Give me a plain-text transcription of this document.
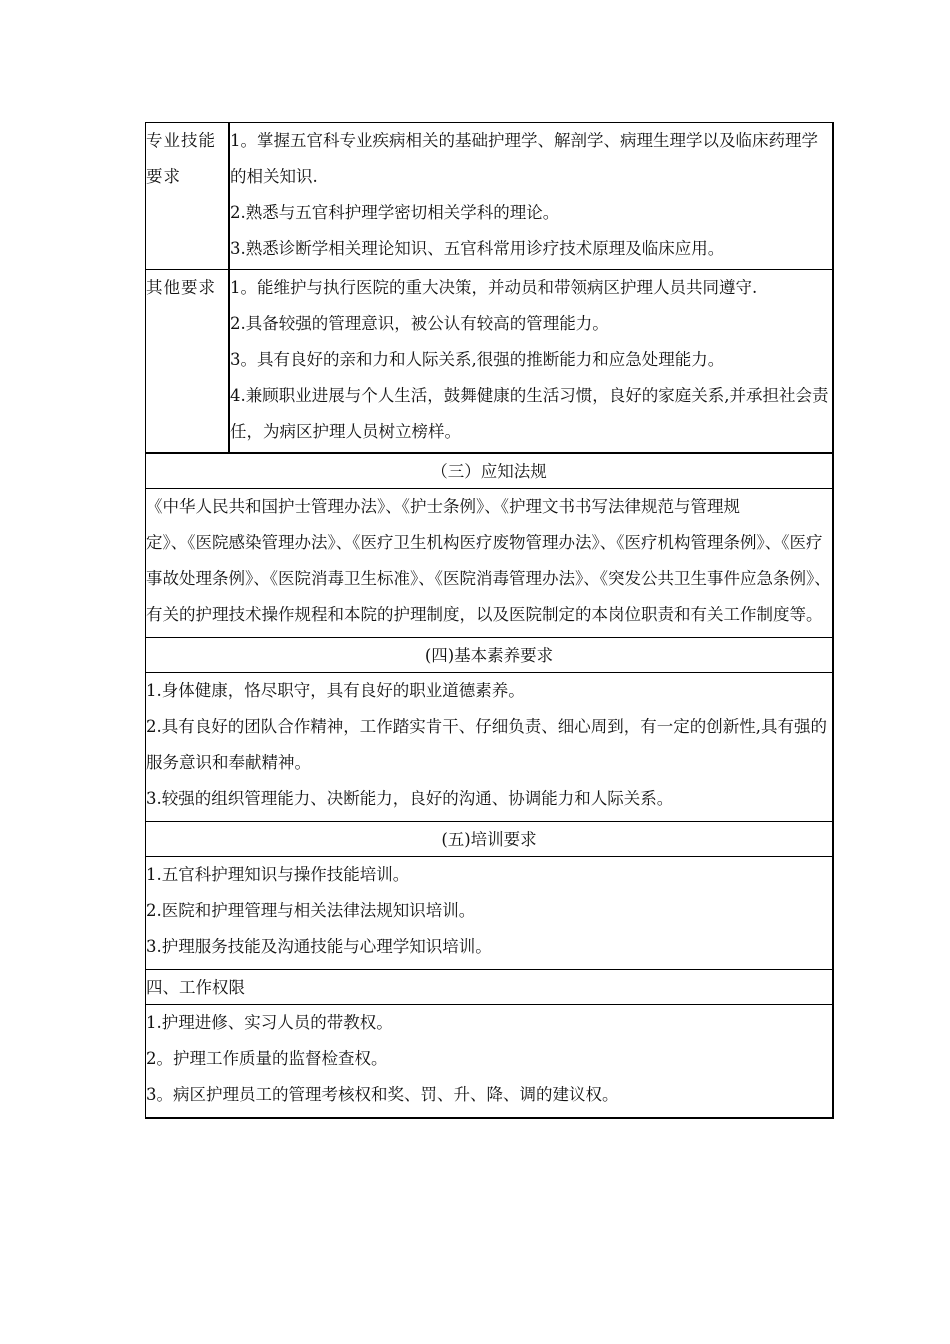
专业技能
要求

1。掌握五官科专业疾病相关的基础护理学、解剖学、病理生理学以及临床药理学的相关知识.

2.熟悉与五官科护理学密切相关学科的理论。

3.熟悉诊断学相关理论知识、五官科常用诊疗技术原理及临床应用。

其他要求 1。能维护与执行医院的重大决策，并动员和带领病区护理人员共同遵守.

2.具备较强的管理意识，被公认有较高的管理能力。

3。具有良好的亲和力和人际关系,很强的推断能力和应急处理能力。

4.兼顾职业进展与个人生活，鼓舞健康的生活习惯，良好的家庭关系,并承担社会责任，为病区护理人员树立榜样。

（三）应知法规

《中华人民共和国护士管理办法》、《护士条例》、《护理文书书写法律规范与管理规

定》、《医院感染管理办法》、《医疗卫生机构医疗废物管理办法》、《医疗机构管理条例》、《医疗事故处理条例》、《医院消毒卫生标准》、《医院消毒管理办法》、《突发公共卫生事件应急条例》、有关的护理技术操作规程和本院的护理制度，以及医院制定的本岗位职责和有关工作制度等。

(四)基本素养要求

1.身体健康，恪尽职守，具有良好的职业道德素养。

2.具有良好的团队合作精神，工作踏实肯干、仔细负责、细心周到，有一定的创新性,具有强的服务意识和奉献精神。

3.较强的组织管理能力、决断能力，良好的沟通、协调能力和人际关系。

(五)培训要求

1.五官科护理知识与操作技能培训。

2.医院和护理管理与相关法律法规知识培训。

3.护理服务技能及沟通技能与心理学知识培训。

四、工作权限

1.护理进修、实习人员的带教权。

2。护理工作质量的监督检查权。

3。病区护理员工的管理考核权和奖、罚、升、降、调的建议权。
